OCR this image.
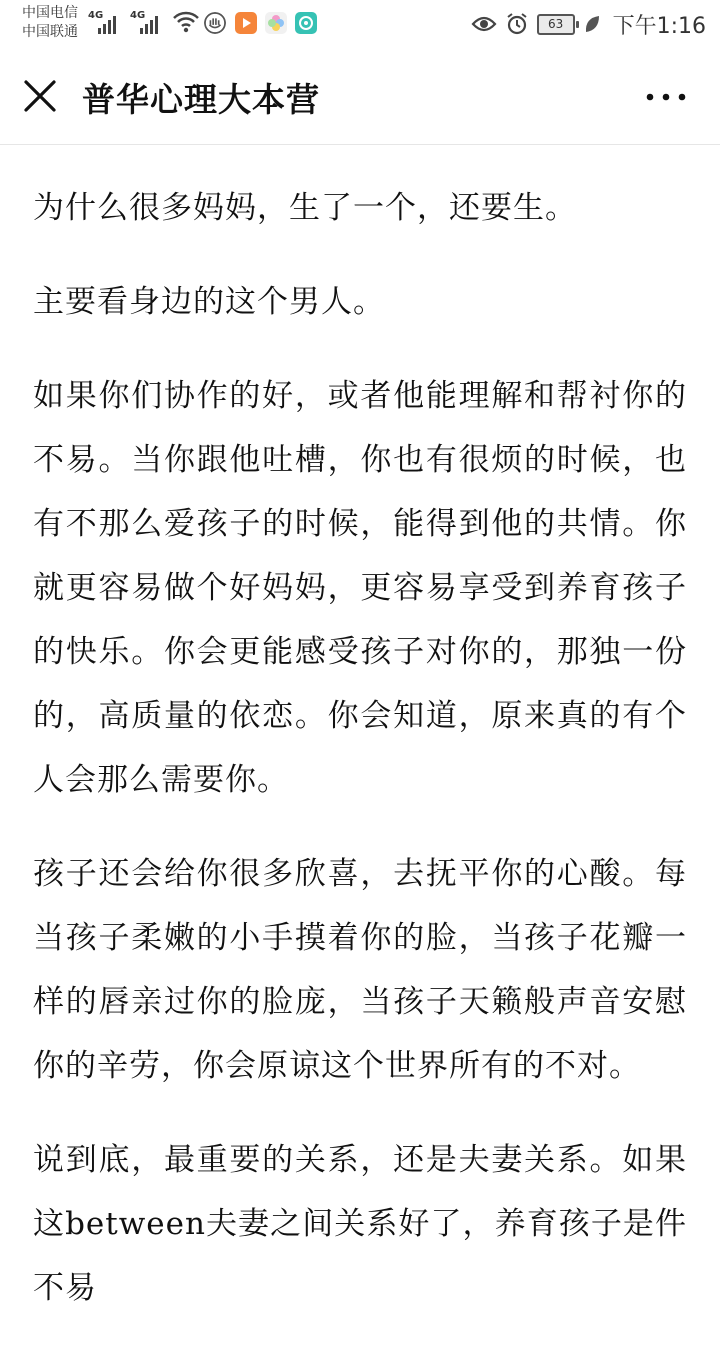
中国电信
中国联通
4G	4G
63	下午1:16
普华心理大本营

为什么很多妈妈，生了一个，还要生。

主要看身边的这个男人。

如果你们协作的好，或者他能理解和帮衬你的不易。当你跟他吐槽，你也有很烦的时候，也有不那么爱孩子的时候，能得到他的共情。你就更容易做个好妈妈，更容易享受到养育孩子的快乐。你会更能感受孩子对你的，那独一份的，高质量的依恋。你会知道，原来真的有个人会那么需要你。

孩子还会给你很多欣喜，去抚平你的心酸。每当孩子柔嫩的小手摸着你的脸，当孩子花瓣一样的唇亲过你的脸庞，当孩子天籁般声音安慰你的辛劳，你会原谅这个世界所有的不对。

说到底，最重要的关系，还是夫妻关系。如果这between夫妻之间关系好了，养育孩子是件不易
